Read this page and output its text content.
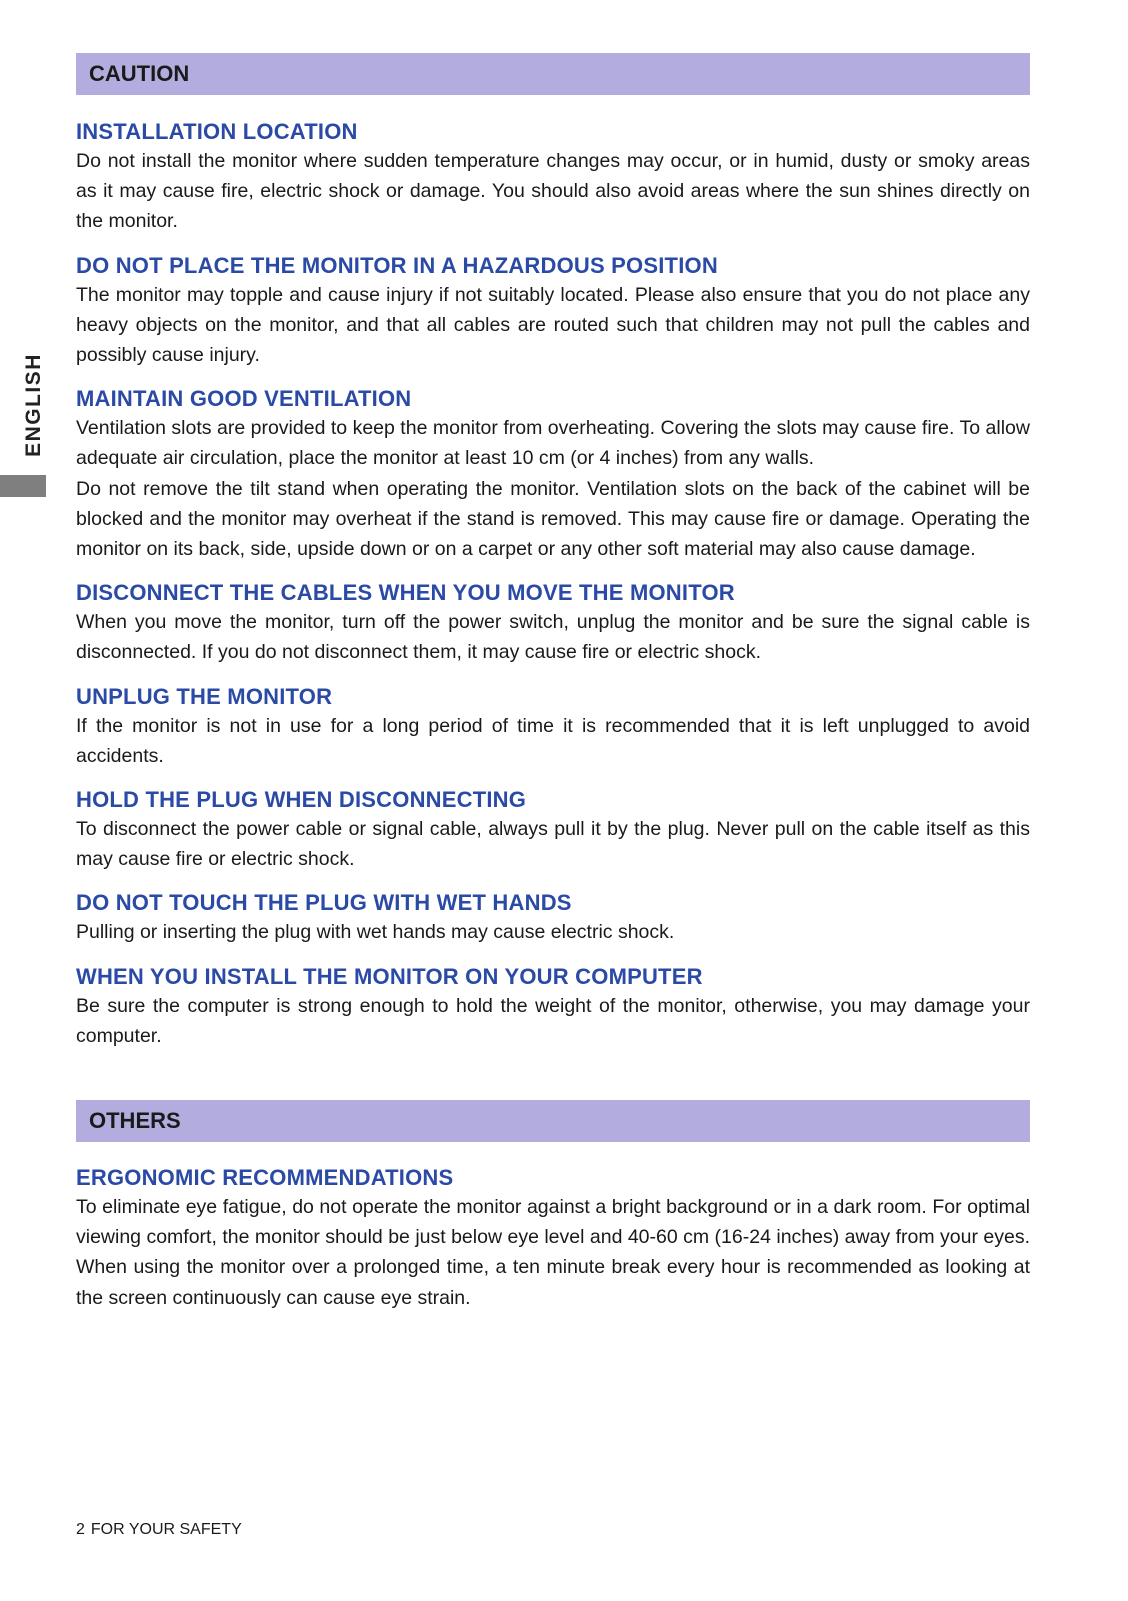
ENGLISH
CAUTION
INSTALLATION LOCATION

Do not install the monitor where sudden temperature changes may occur, or in humid, dusty or smoky areas as it may cause fire, electric shock or damage. You should also avoid areas where the sun shines directly on the monitor.

DO NOT PLACE THE MONITOR IN A HAZARDOUS POSITION

The monitor may topple and cause injury if not suitably located. Please also ensure that you do not place any heavy objects on the monitor, and that all cables are routed such that children may not pull the cables and possibly cause injury.

MAINTAIN GOOD VENTILATION

Ventilation slots are provided to keep the monitor from overheating. Covering the slots may cause fire. To allow adequate air circulation, place the monitor at least 10 cm (or 4 inches) from any walls.

Do not remove the tilt stand when operating the monitor. Ventilation slots on the back of the cabinet will be blocked and the monitor may overheat if the stand is removed. This may cause fire or damage. Operating the monitor on its back, side, upside down or on a carpet or any other soft material may also cause damage.

DISCONNECT THE CABLES WHEN YOU MOVE THE MONITOR

When you move the monitor, turn off the power switch, unplug the monitor and be sure the signal cable is disconnected. If you do not disconnect them, it may cause fire or electric shock.

UNPLUG THE MONITOR

If the monitor is not in use for a long period of time it is recommended that it is left unplugged to avoid accidents.

HOLD THE PLUG WHEN DISCONNECTING

To disconnect the power cable or signal cable, always pull it by the plug. Never pull on the cable itself as this may cause fire or electric shock.

DO NOT TOUCH THE PLUG WITH WET HANDS

Pulling or inserting the plug with wet hands may cause electric shock.

WHEN YOU INSTALL THE MONITOR ON YOUR COMPUTER

Be sure the computer is strong enough to hold the weight of the monitor, otherwise, you may damage your computer.

OTHERS
ERGONOMIC RECOMMENDATIONS

To eliminate eye fatigue, do not operate the monitor against a bright background or in a dark room. For optimal viewing comfort, the monitor should be just below eye level and 40-60 cm (16-24 inches) away from your eyes. When using the monitor over a prolonged time, a ten minute break every hour is recommended as looking at the screen continuously can cause eye strain.

2 FOR YOUR SAFETY
